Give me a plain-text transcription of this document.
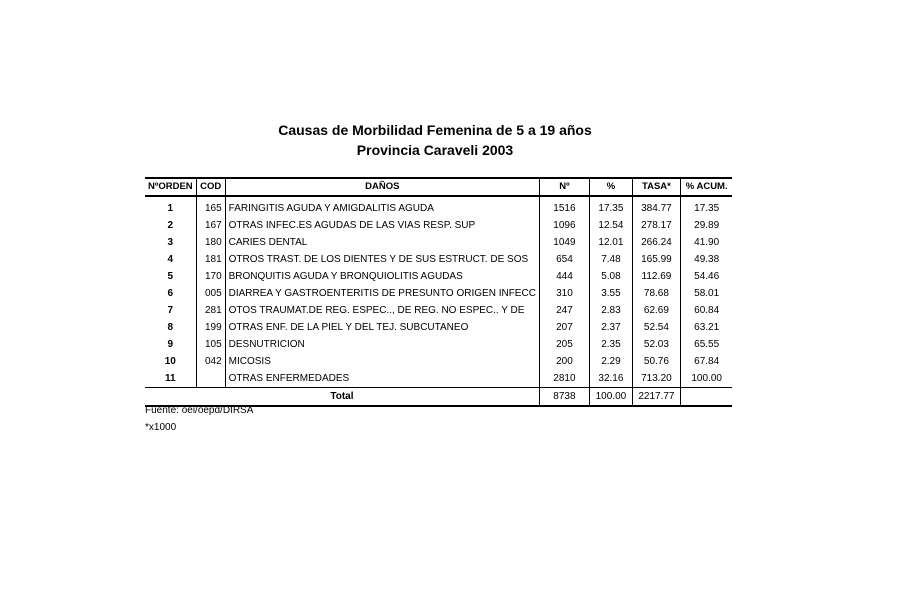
Causas de Morbilidad Femenina de 5 a 19 años
Provincia Caraveli 2003
NºORDEN	COD	DAÑOS	Nº	%	TASA*	% ACUM.
1	165	FARINGITIS AGUDA Y AMIGDALITIS AGUDA	1516	17.35	384.77	17.35
2	167	OTRAS INFEC.ES AGUDAS DE LAS VIAS RESP. SUP	1096	12.54	278.17	29.89
3	180	CARIES DENTAL	1049	12.01	266.24	41.90
4	181	OTROS TRAST. DE LOS DIENTES Y DE SUS ESTRUCT. DE SOS	654	7.48	165.99	49.38
5	170	BRONQUITIS AGUDA Y BRONQUIOLITIS AGUDAS	444	5.08	112.69	54.46
6	005	DIARREA Y GASTROENTERITIS DE PRESUNTO ORIGEN INFECC	310	3.55	78.68	58.01
7	281	OTOS TRAUMAT.DE REG. ESPEC.., DE REG. NO ESPEC.. Y DE	247	2.83	62.69	60.84
8	199	OTRAS ENF. DE LA PIEL Y DEL TEJ. SUBCUTANEO	207	2.37	52.54	63.21
9	105	DESNUTRICION	205	2.35	52.03	65.55
10	042	MICOSIS	200	2.29	50.76	67.84
11		OTRAS ENFERMEDADES	2810	32.16	713.20	100.00
Total			8738	100.00	2217.77	
Fuente: oei/oepd/DIRSA
*x1000
